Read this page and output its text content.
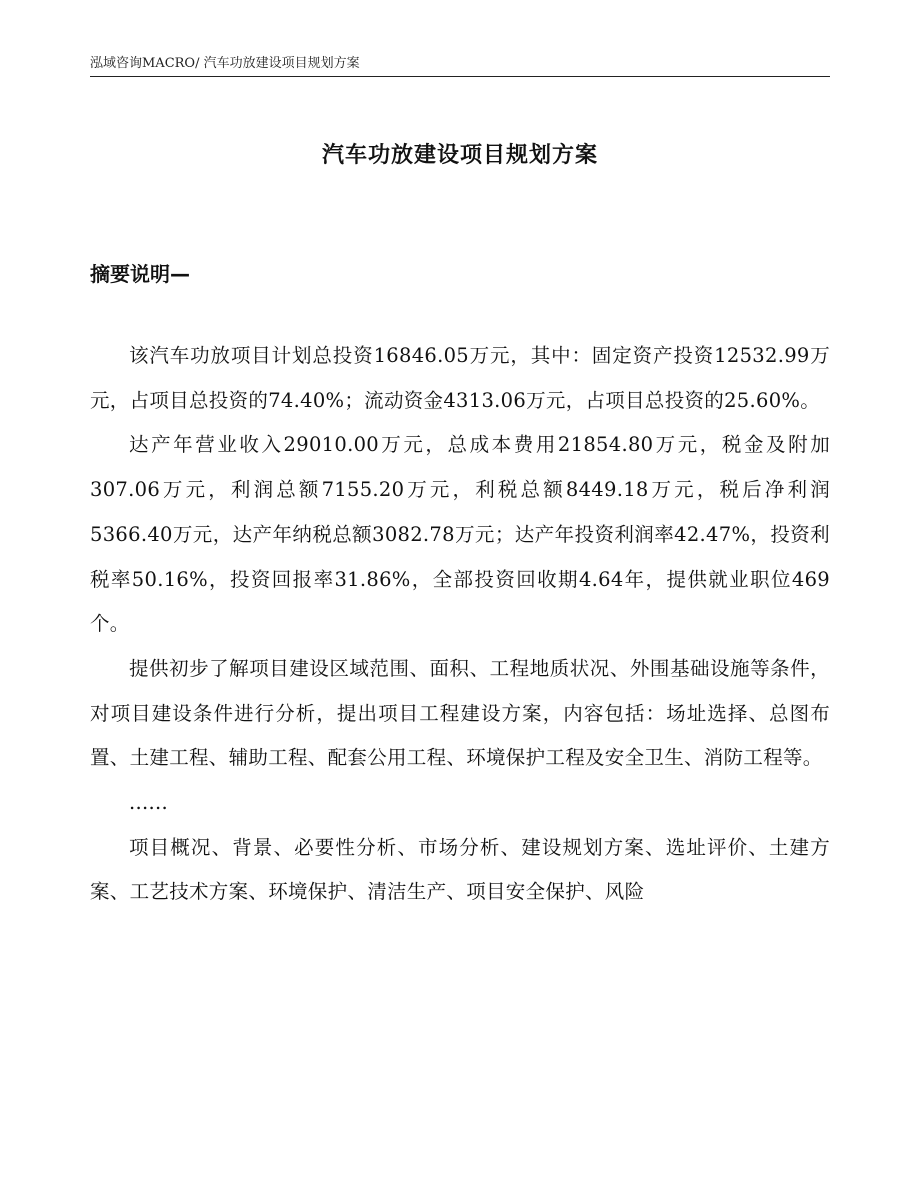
泓域咨询MACRO/ 汽车功放建设项目规划方案
汽车功放建设项目规划方案
摘要说明—

该汽车功放项目计划总投资16846.05万元，其中：固定资产投资12532.99万元，占项目总投资的74.40%；流动资金4313.06万元，占项目总投资的25.60%。

达产年营业收入29010.00万元，总成本费用21854.80万元，税金及附加307.06万元，利润总额7155.20万元，利税总额8449.18万元，税后净利润5366.40万元，达产年纳税总额3082.78万元；达产年投资利润率42.47%，投资利税率50.16%，投资回报率31.86%，全部投资回收期4.64年，提供就业职位469个。

提供初步了解项目建设区域范围、面积、工程地质状况、外围基础设施等条件，对项目建设条件进行分析，提出项目工程建设方案，内容包括：场址选择、总图布置、土建工程、辅助工程、配套公用工程、环境保护工程及安全卫生、消防工程等。

......

项目概况、背景、必要性分析、市场分析、建设规划方案、选址评价、土建方案、工艺技术方案、环境保护、清洁生产、项目安全保护、风险
